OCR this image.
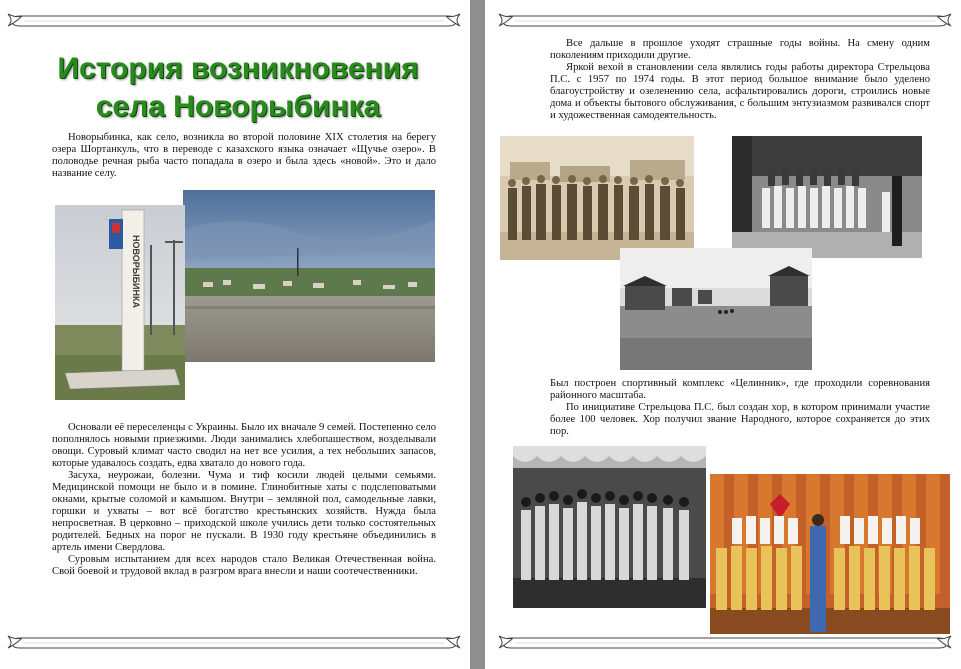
История возникновения
села Новорыбинка

Новорыбинка, как село, возникла во второй половине XIX столетия на берегу озера Шортанкуль, что в переводе с казахского языка означает «Щучье озеро». В половодье речная рыба часто попадала в озеро и была здесь «новой». Это и дало название селу.

НОВОРЫБИНКА

Основали её переселенцы с Украины. Было их вначале 9 семей. Постепенно село пополнялось новыми приезжими. Люди занимались хлебопашеством, возделывали овощи. Суровый климат часто сводил на нет все усилия, а тех небольших запасов, которые удавалось создать, едва хватало до нового года.

Засуха, неурожаи, болезни. Чума и тиф косили людей целыми семьями. Медицинской помощи не было и в помине. Глинобитные хаты с подслеповатыми окнами, крытые соломой и камышом. Внутри – земляной пол, самодельные лавки, горшки и ухваты – вот всё богатство крестьянских хозяйств. Нужда была непросветная. В церковно – приходской школе учились дети только состоятельных родителей. Бедных на порог не пускали. В 1930 году крестьяне объединились в артель имени Свердлова.

Суровым испытанием для всех народов стало Великая Отечественная война. Свой боевой и трудовой вклад в разгром врага внесли и наши соотечественники.

Все дальше в прошлое уходят страшные годы войны. На смену одним поколениям приходили другие.

Яркой вехой в становлении села являлись годы работы директора Стрельцова П.С. с 1957 по 1974 годы. В этот период большое внимание было уделено благоустройству и озеленению села, асфальтировались дороги, строились новые дома и объекты бытового обслуживания, с большим энтузиазмом развивался спорт и художественная самодеятельность.

Был построен спортивный комплекс «Целинник», где проходили соревнования районного масштаба.

По инициативе Стрельцова П.С. был создан хор, в котором принимали участие более 100 человек. Хор получил звание Народного, которое сохраняется до этих пор.
